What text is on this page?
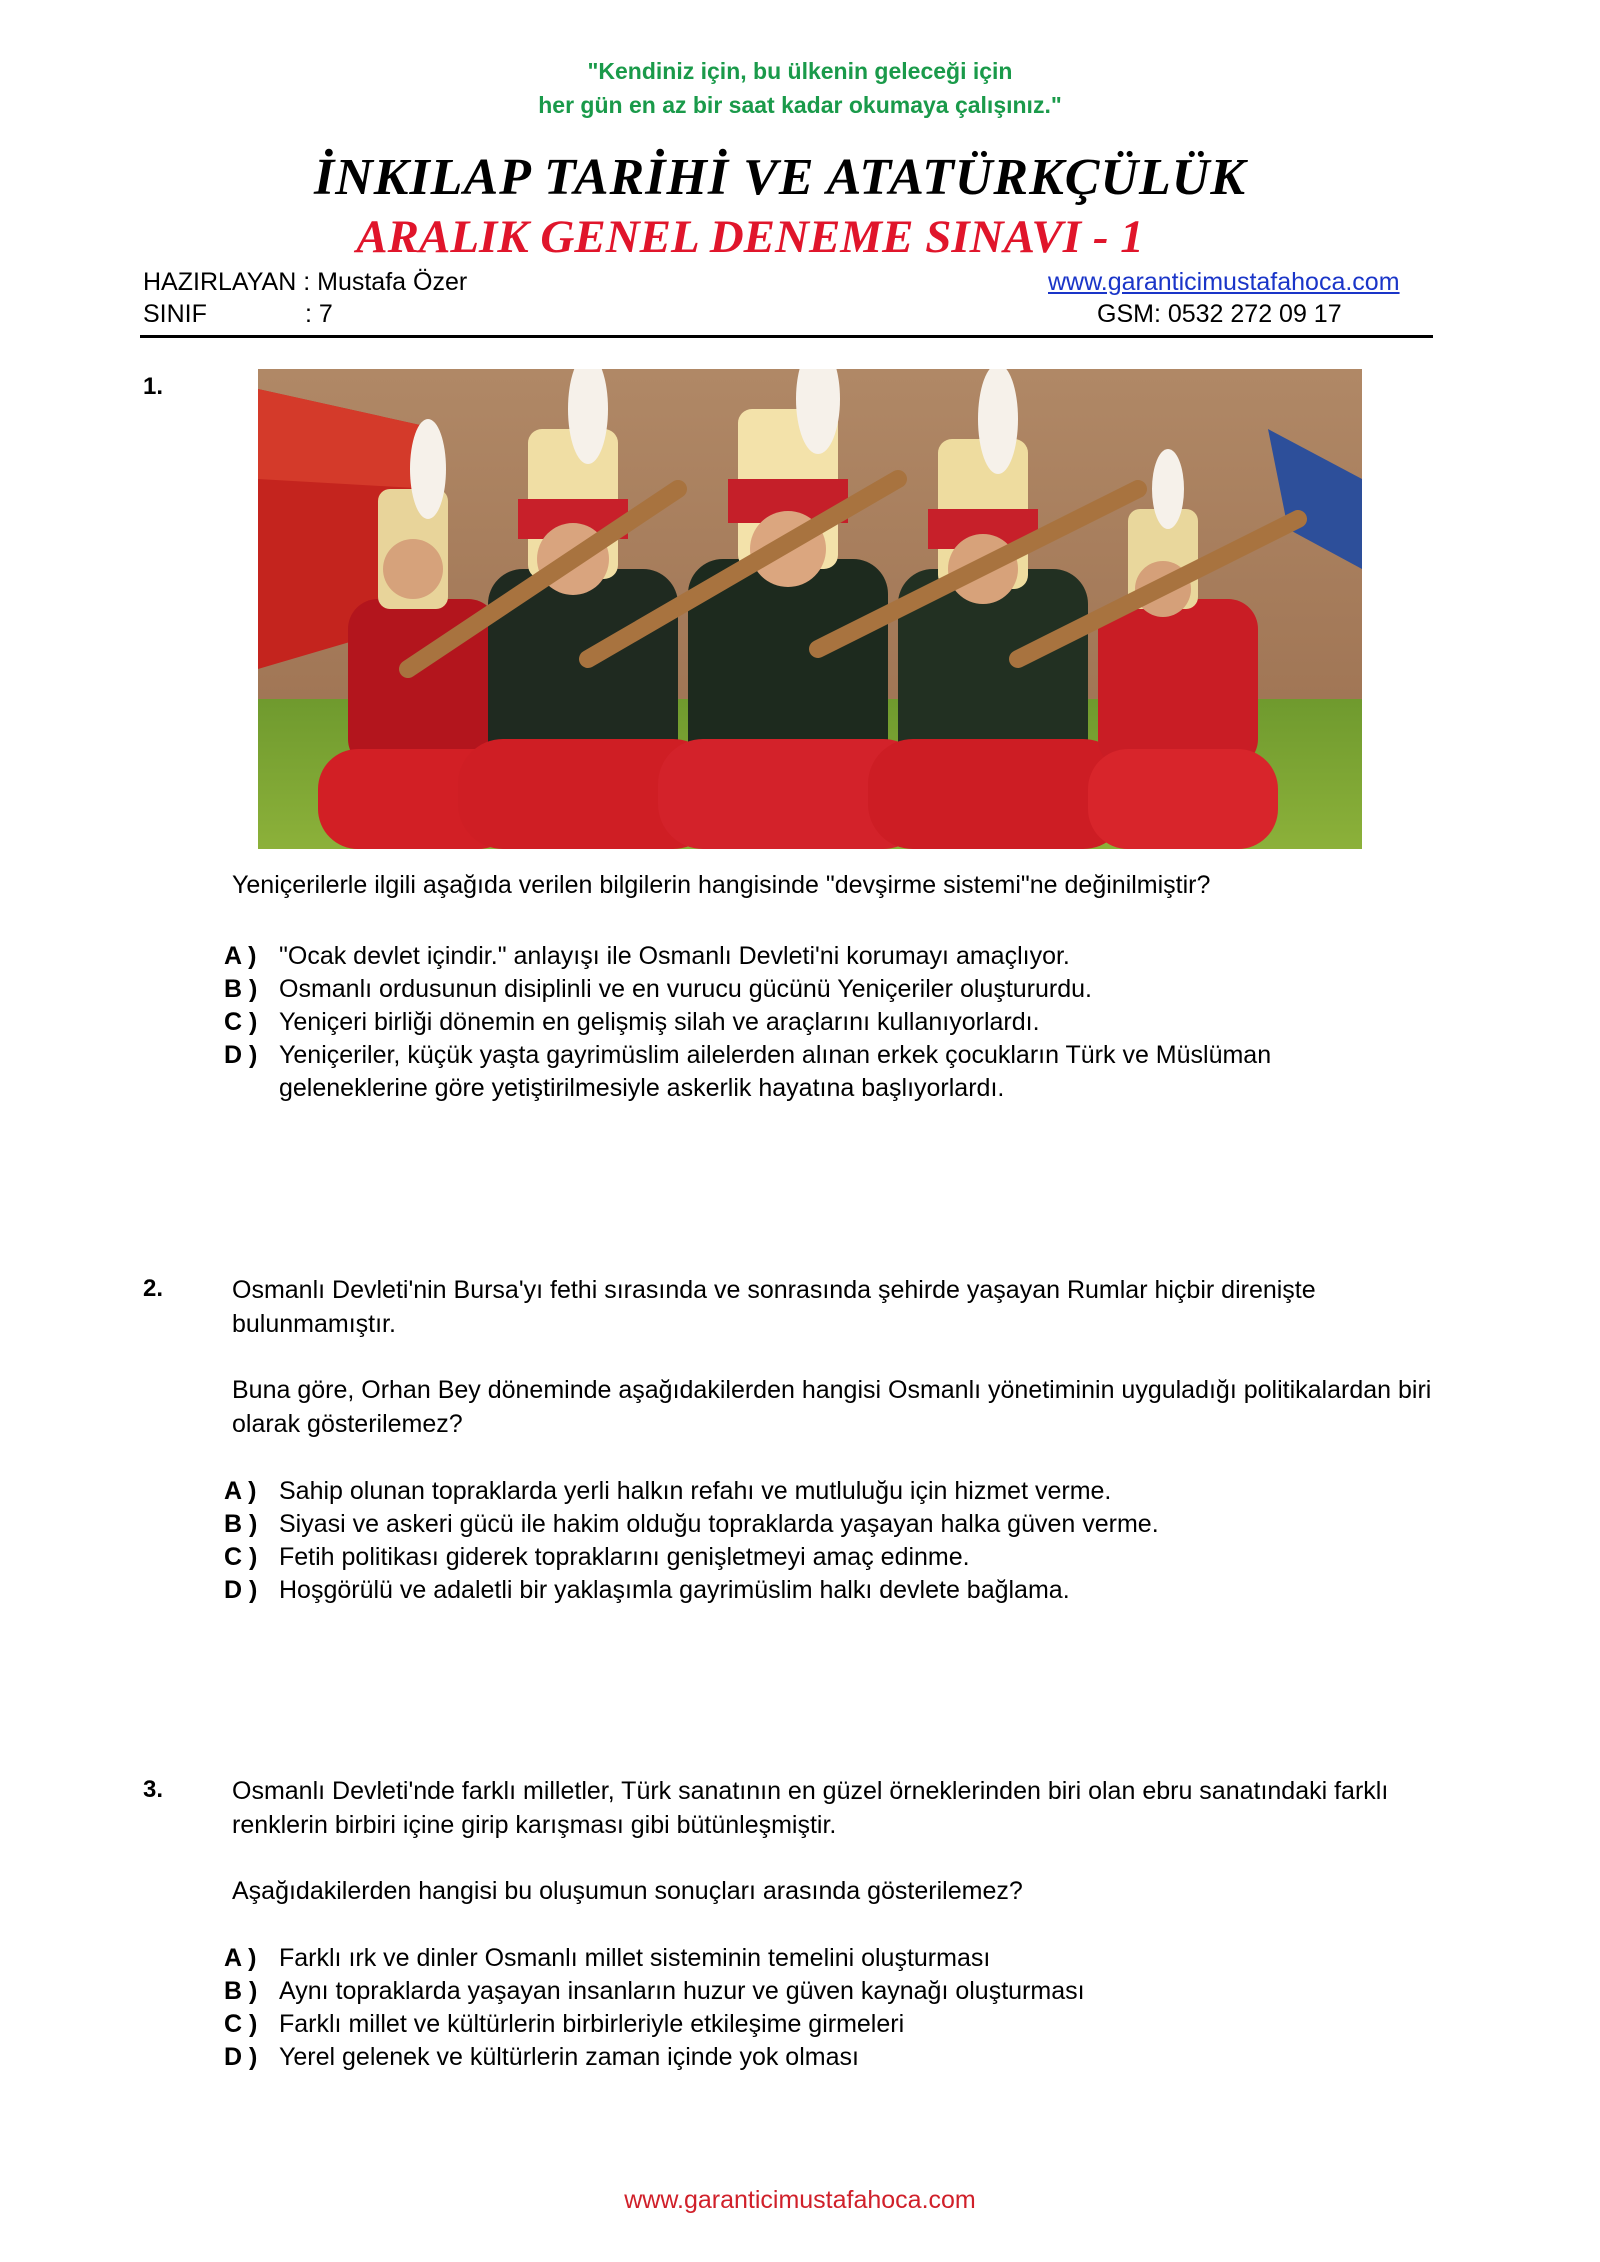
"Kendiniz için, bu ülkenin geleceği için
her gün en az bir saat kadar okumaya çalışınız."
İNKILAP TARİHİ VE ATATÜRKÇÜLÜK
ARALIK GENEL DENEME SINAVI - 1
HAZIRLAYAN : Mustafa Özer
SINIF	: 7
www.garanticimustafahoca.com
GSM: 0532 272 09 17
1.
Yeniçerilerle ilgili aşağıda verilen bilgilerin hangisinde "devşirme sistemi"ne değinilmiştir?
A ) "Ocak devlet içindir." anlayışı ile Osmanlı Devleti'ni korumayı amaçlıyor.
B ) Osmanlı ordusunun disiplinli ve en vurucu gücünü Yeniçeriler oluştururdu.
C ) Yeniçeri birliği dönemin en gelişmiş silah ve araçlarını kullanıyorlardı.
D ) Yeniçeriler, küçük yaşta gayrimüslim ailelerden alınan erkek çocukların Türk ve Müslüman geleneklerine göre yetiştirilmesiyle askerlik hayatına başlıyorlardı.
2.	Osmanlı Devleti'nin Bursa'yı fethi sırasında ve sonrasında şehirde yaşayan Rumlar hiçbir direnişte bulunmamıştır.
Buna göre, Orhan Bey döneminde aşağıdakilerden hangisi Osmanlı yönetiminin uyguladığı politikalardan biri olarak gösterilemez?
A ) Sahip olunan topraklarda yerli halkın refahı ve mutluluğu için hizmet verme.
B ) Siyasi ve askeri gücü ile hakim olduğu topraklarda yaşayan halka güven verme.
C ) Fetih politikası giderek topraklarını genişletmeyi amaç edinme.
D ) Hoşgörülü ve adaletli bir yaklaşımla gayrimüslim halkı devlete bağlama.
3.	Osmanlı Devleti'nde farklı milletler, Türk sanatının en güzel örneklerinden biri olan ebru sanatındaki farklı renklerin birbiri içine girip karışması gibi bütünleşmiştir.
Aşağıdakilerden hangisi bu oluşumun sonuçları arasında gösterilemez?
A ) Farklı ırk ve dinler Osmanlı millet sisteminin temelini oluşturması
B ) Aynı topraklarda yaşayan insanların huzur ve güven kaynağı oluşturması
C ) Farklı millet ve kültürlerin birbirleriyle etkileşime girmeleri
D ) Yerel gelenek ve kültürlerin zaman içinde yok olması
www.garanticimustafahoca.com
